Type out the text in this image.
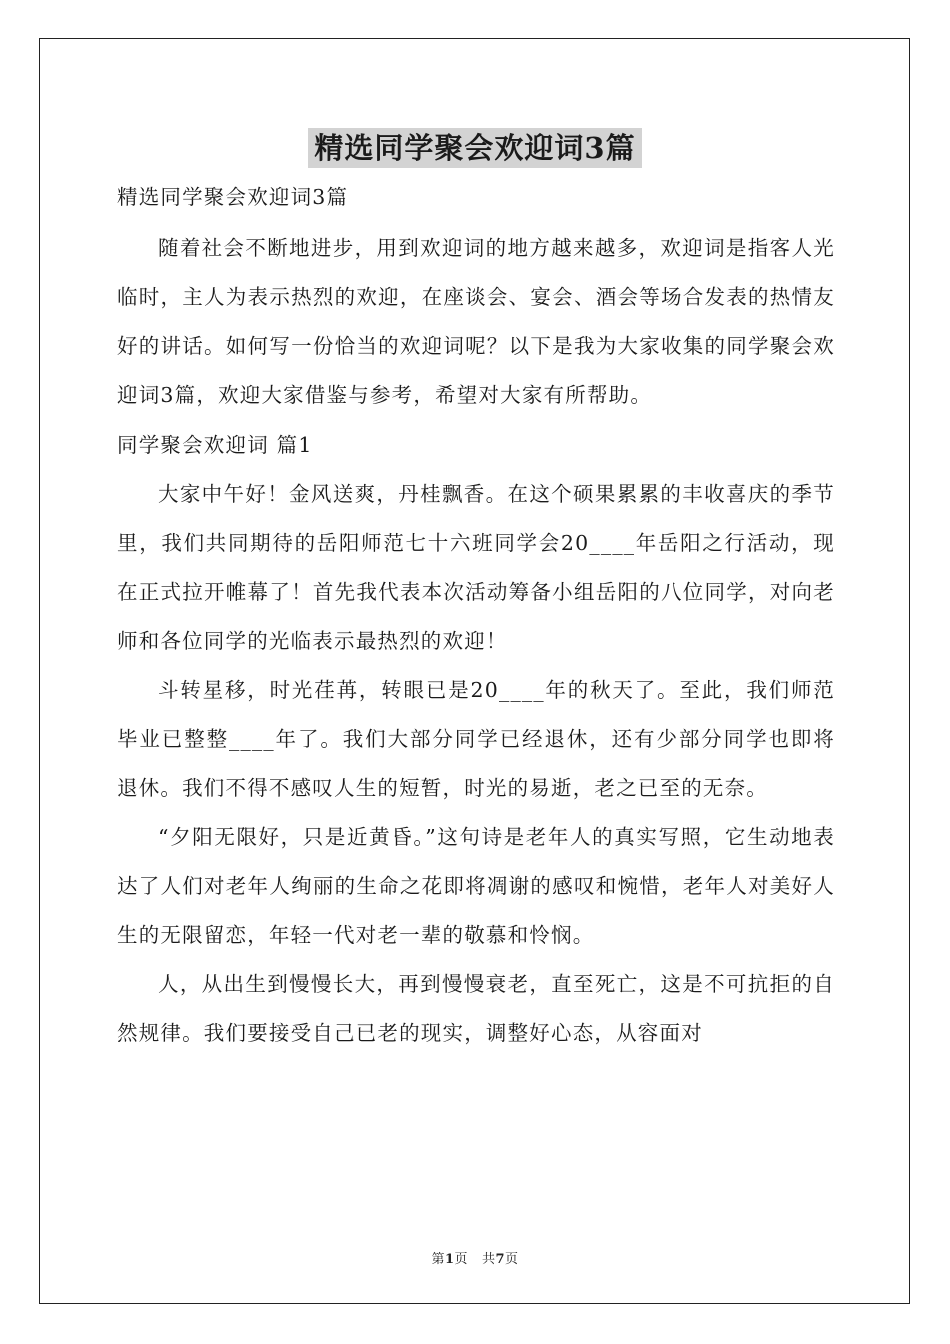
精选同学聚会欢迎词3篇

精选同学聚会欢迎词3篇

随着社会不断地进步，用到欢迎词的地方越来越多，欢迎词是指客人光临时，主人为表示热烈的欢迎，在座谈会、宴会、酒会等场合发表的热情友好的讲话。如何写一份恰当的欢迎词呢？以下是我为大家收集的同学聚会欢迎词3篇，欢迎大家借鉴与参考，希望对大家有所帮助。

同学聚会欢迎词 篇1

大家中午好！金风送爽，丹桂飘香。在这个硕果累累的丰收喜庆的季节里，我们共同期待的岳阳师范七十六班同学会20____年岳阳之行活动，现在正式拉开帷幕了！首先我代表本次活动筹备小组岳阳的八位同学，对向老师和各位同学的光临表示最热烈的欢迎！

斗转星移，时光荏苒，转眼已是20____年的秋天了。至此，我们师范毕业已整整____年了。我们大部分同学已经退休，还有少部分同学也即将退休。我们不得不感叹人生的短暂，时光的易逝，老之已至的无奈。

“夕阳无限好，只是近黄昏。”这句诗是老年人的真实写照，它生动地表达了人们对老年人绚丽的生命之花即将凋谢的感叹和惋惜，老年人对美好人生的无限留恋，年轻一代对老一辈的敬慕和怜悯。

人，从出生到慢慢长大，再到慢慢衰老，直至死亡，这是不可抗拒的自然规律。我们要接受自己已老的现实，调整好心态，从容面对

第1页 共7页
